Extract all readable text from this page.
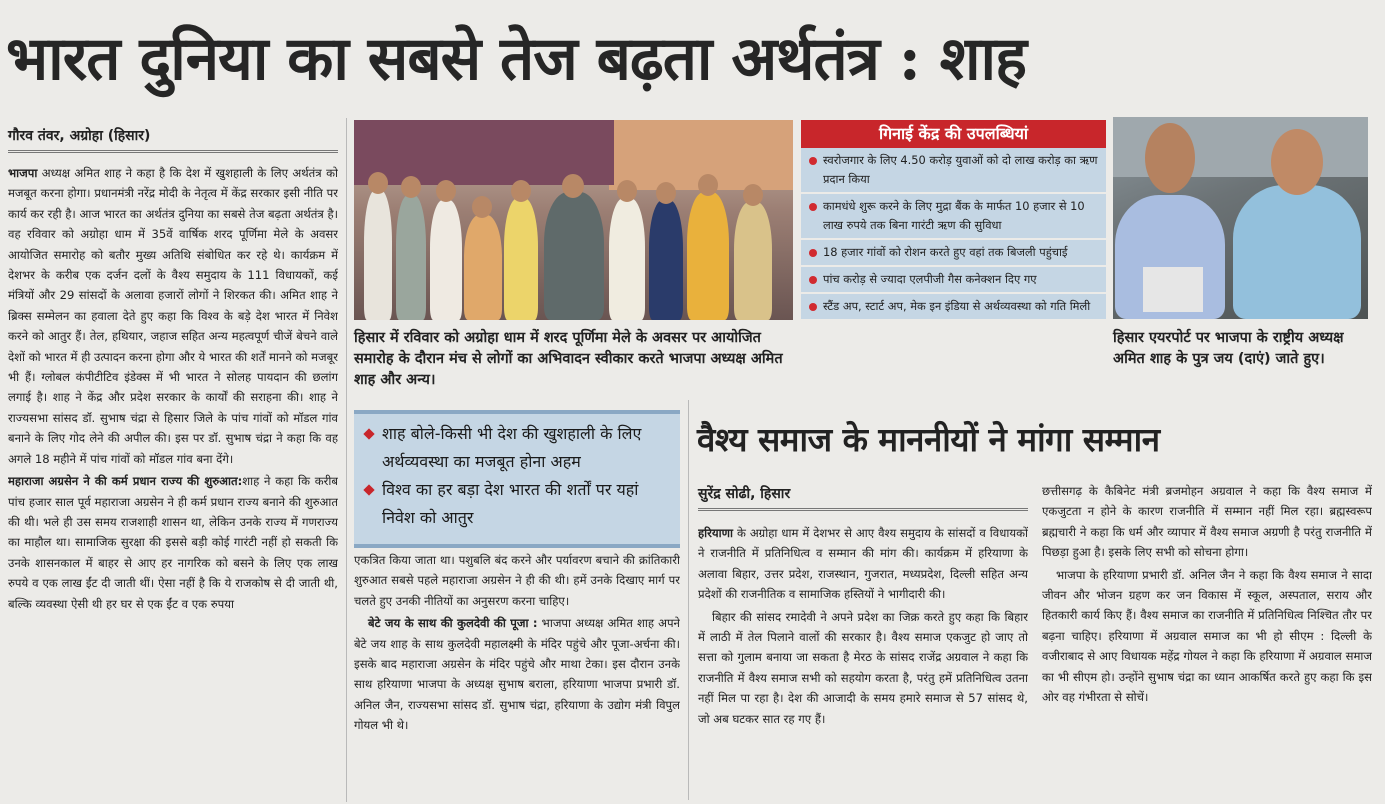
भारत दुनिया का सबसे तेज बढ़ता अर्थतंत्र : शाह
गौरव तंवर, अग्रोहा (हिसार)

भाजपा अध्यक्ष अमित शाह ने कहा है कि देश में खुशहाली के लिए अर्थतंत्र को मजबूत करना होगा। प्रधानमंत्री नरेंद्र मोदी के नेतृत्व में केंद्र सरकार इसी नीति पर कार्य कर रही है। आज भारत का अर्थतंत्र दुनिया का सबसे तेज बढ़ता अर्थतंत्र है। वह रविवार को अग्रोहा धाम में 35वें वार्षिक शरद पूर्णिमा मेले के अवसर आयोजित समारोह को बतौर मुख्य अतिथि संबोधित कर रहे थे। कार्यक्रम में देशभर के करीब एक दर्जन दलों के वैश्य समुदाय के 111 विधायकों, कई मंत्रियों और 29 सांसदों के अलावा हजारों लोगों ने शिरकत की। अमित शाह ने ब्रिक्स सम्मेलन का हवाला देते हुए कहा कि विश्व के बड़े देश भारत में निवेश करने को आतुर हैं। तेल, हथियार, जहाज सहित अन्य महत्वपूर्ण चीजें बेचने वाले देशों को भारत में ही उत्पादन करना होगा और ये भारत की शर्तें मानने को मजबूर भी हैं। ग्लोबल कंपीटीटिव इंडेक्स में भी भारत ने सोलह पायदान की छलांग लगाई है। शाह ने केंद्र और प्रदेश सरकार के कार्यों की सराहना की। शाह ने राज्यसभा सांसद डॉ. सुभाष चंद्रा से हिसार जिले के पांच गांवों को मॉडल गांव बनाने के लिए गोद लेने की अपील की। इस पर डॉ. सुभाष चंद्रा ने कहा कि वह अगले 18 महीने में पांच गांवों को मॉडल गांव बना देंगे।

महाराजा अग्रसेन ने की कर्म प्रधान राज्य की शुरुआत:शाह ने कहा कि करीब पांच हजार साल पूर्व महाराजा अग्रसेन ने ही कर्म प्रधान राज्य बनाने की शुरुआत की थी। भले ही उस समय राजशाही शासन था, लेकिन उनके राज्य में गणराज्य का माहौल था। सामाजिक सुरक्षा की इससे बड़ी कोई गारंटी नहीं हो सकती कि उनके शासनकाल में बाहर से आए हर नागरिक को बसने के लिए एक लाख रुपये व एक लाख ईंट दी जाती थीं। ऐसा नहीं है कि ये राजकोष से दी जाती थी, बल्कि व्यवस्था ऐसी थी हर घर से एक ईंट व एक रुपया

हिसार में रविवार को अग्रोहा धाम में शरद पूर्णिमा मेले के अवसर पर आयोजित समारोह के दौरान मंच से लोगों का अभिवादन स्वीकार करते भाजपा अध्यक्ष अमित शाह और अन्य।
गिनाई केंद्र की उपलब्धियां
स्वरोजगार के लिए 4.50 करोड़ युवाओं को दो लाख करोड़ का ऋण प्रदान किया
कामधंधे शुरू करने के लिए मुद्रा बैंक के मार्फत 10 हजार से 10 लाख रुपये तक बिना गारंटी ऋण की सुविधा
18 हजार गांवों को रोशन करते हुए वहां तक बिजली पहुंचाई
पांच करोड़ से ज्यादा एलपीजी गैस कनेक्शन दिए गए
स्टैंड अप, स्टार्ट अप, मेक इन इंडिया से अर्थव्यवस्था को गति मिली
हिसार एयरपोर्ट पर भाजपा के राष्ट्रीय अध्यक्ष अमित शाह के पुत्र जय (दाएं) जाते हुए।
शाह बोले-किसी भी देश की खुशहाली के लिए अर्थव्यवस्था का मजबूत होना अहम
विश्व का हर बड़ा देश भारत की शर्तों पर यहां निवेश को आतुर

एकत्रित किया जाता था। पशुबलि बंद करने और पर्यावरण बचाने की क्रांतिकारी शुरुआत सबसे पहले महाराजा अग्रसेन ने ही की थी। हमें उनके दिखाए मार्ग पर चलते हुए उनकी नीतियों का अनुसरण करना चाहिए।

बेटे जय के साथ की कुलदेवी की पूजा : भाजपा अध्यक्ष अमित शाह अपने बेटे जय शाह के साथ कुलदेवी महालक्ष्मी के मंदिर पहुंचे और पूजा-अर्चना की। इसके बाद महाराजा अग्रसेन के मंदिर पहुंचे और माथा टेका। इस दौरान उनके साथ हरियाणा भाजपा के अध्यक्ष सुभाष बराला, हरियाणा भाजपा प्रभारी डॉ. अनिल जैन, राज्यसभा सांसद डॉ. सुभाष चंद्रा, हरियाणा के उद्योग मंत्री विपुल गोयल भी थे।

वैश्य समाज के माननीयों ने मांगा सम्मान
सुरेंद्र सोढी, हिसार

हरियाणा के अग्रोहा धाम में देशभर से आए वैश्य समुदाय के सांसदों व विधायकों ने राजनीति में प्रतिनिधित्व व सम्मान की मांग की। कार्यक्रम में हरियाणा के अलावा बिहार, उत्तर प्रदेश, राजस्थान, गुजरात, मध्यप्रदेश, दिल्ली सहित अन्य प्रदेशों की राजनीतिक व सामाजिक हस्तियों ने भागीदारी की।

बिहार की सांसद रमादेवी ने अपने प्रदेश का जिक्र करते हुए कहा कि बिहार में लाठी में तेल पिलाने वालों की सरकार है। वैश्य समाज एकजुट हो जाए तो सत्ता को गुलाम बनाया जा सकता है मेरठ के सांसद राजेंद्र अग्रवाल ने कहा कि राजनीति में वैश्य समाज सभी को सहयोग करता है, परंतु हमें प्रतिनिधित्व उतना नहीं मिल पा रहा है। देश की आजादी के समय हमारे समाज से 57 सांसद थे, जो अब घटकर सात रह गए हैं।

छत्तीसगढ़ के कैबिनेट मंत्री ब्रजमोहन अग्रवाल ने कहा कि वैश्य समाज में एकजुटता न होने के कारण राजनीति में सम्मान नहीं मिल रहा। ब्रह्मस्वरूप ब्रह्मचारी ने कहा कि धर्म और व्यापार में वैश्य समाज अग्रणी है परंतु राजनीति में पिछड़ा हुआ है। इसके लिए सभी को सोचना होगा।

भाजपा के हरियाणा प्रभारी डॉ. अनिल जैन ने कहा कि वैश्य समाज ने सादा जीवन और भोजन ग्रहण कर जन विकास में स्कूल, अस्पताल, सराय और हितकारी कार्य किए हैं। वैश्य समाज का राजनीति में प्रतिनिधित्व निश्चित तौर पर बढ़ना चाहिए। हरियाणा में अग्रवाल समाज का भी हो सीएम : दिल्ली के वजीराबाद से आए विधायक महेंद्र गोयल ने कहा कि हरियाणा में अग्रवाल समाज का भी सीएम हो। उन्होंने सुभाष चंद्रा का ध्यान आकर्षित करते हुए कहा कि इस ओर वह गंभीरता से सोचें।
